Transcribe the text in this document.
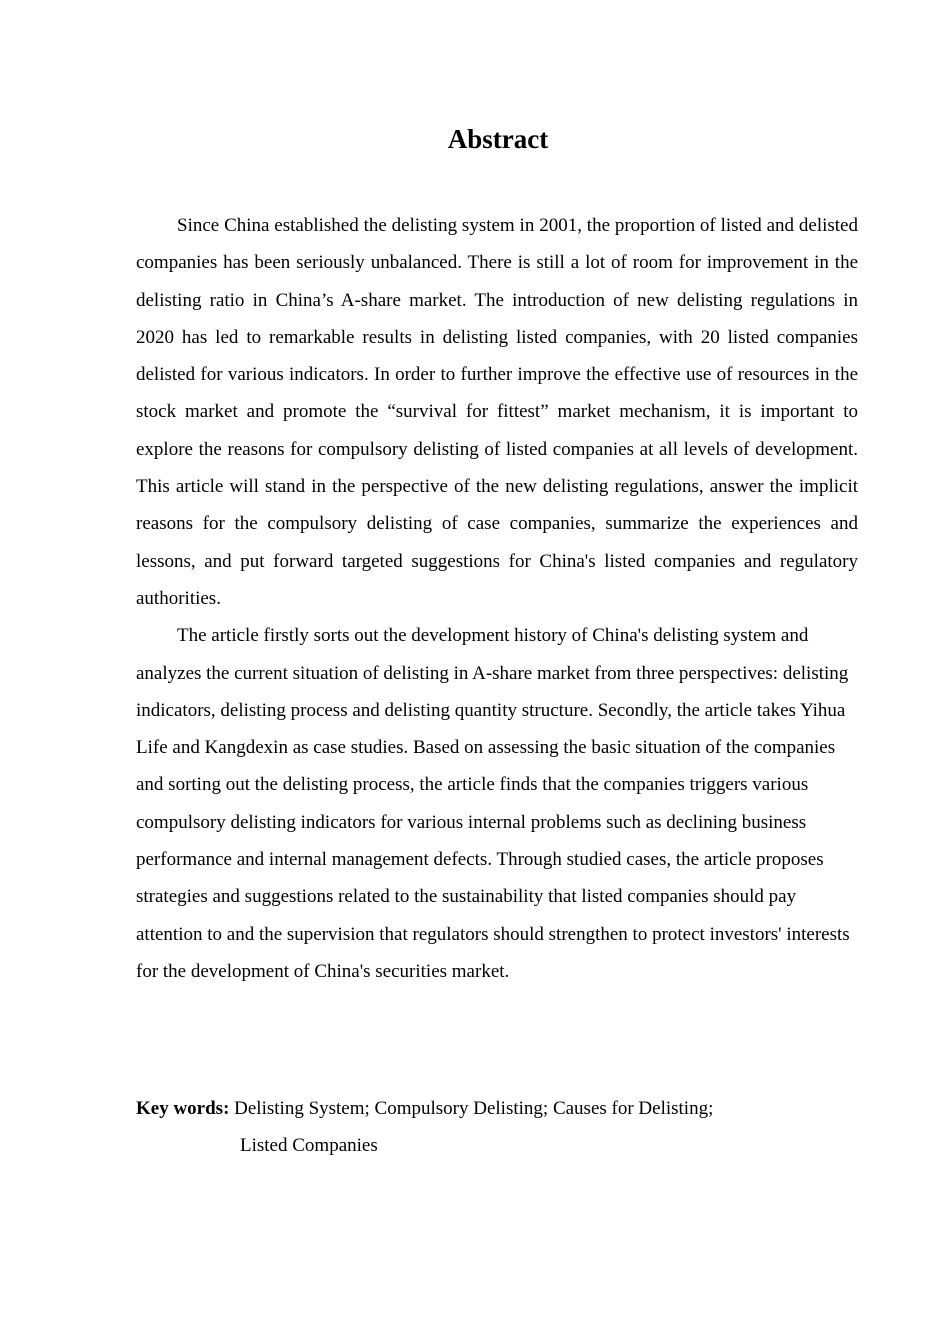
Abstract

Since China established the delisting system in 2001, the proportion of listed and delisted companies has been seriously unbalanced. There is still a lot of room for improvement in the delisting ratio in China’s A-share market. The introduction of new delisting regulations in 2020 has led to remarkable results in delisting listed companies, with 20 listed companies delisted for various indicators. In order to further improve the effective use of resources in the stock market and promote the “survival for fittest” market mechanism, it is important to explore the reasons for compulsory delisting of listed companies at all levels of development. This article will stand in the perspective of the new delisting regulations, answer the implicit reasons for the compulsory delisting of case companies, summarize the experiences and lessons, and put forward targeted suggestions for China's listed companies and regulatory authorities.

The article firstly sorts out the development history of China's delisting system and analyzes the current situation of delisting in A-share market from three perspectives: delisting indicators, delisting process and delisting quantity structure. Secondly, the article takes Yihua Life and Kangdexin as case studies. Based on assessing the basic situation of the companies and sorting out the delisting process, the article finds that the companies triggers various compulsory delisting indicators for various internal problems such as declining business performance and internal management defects. Through studied cases, the article proposes strategies and suggestions related to the sustainability that listed companies should pay attention to and the supervision that regulators should strengthen to protect investors' interests for the development of China's securities market.

Key words: Delisting System; Compulsory Delisting; Causes for Delisting;
Listed Companies
